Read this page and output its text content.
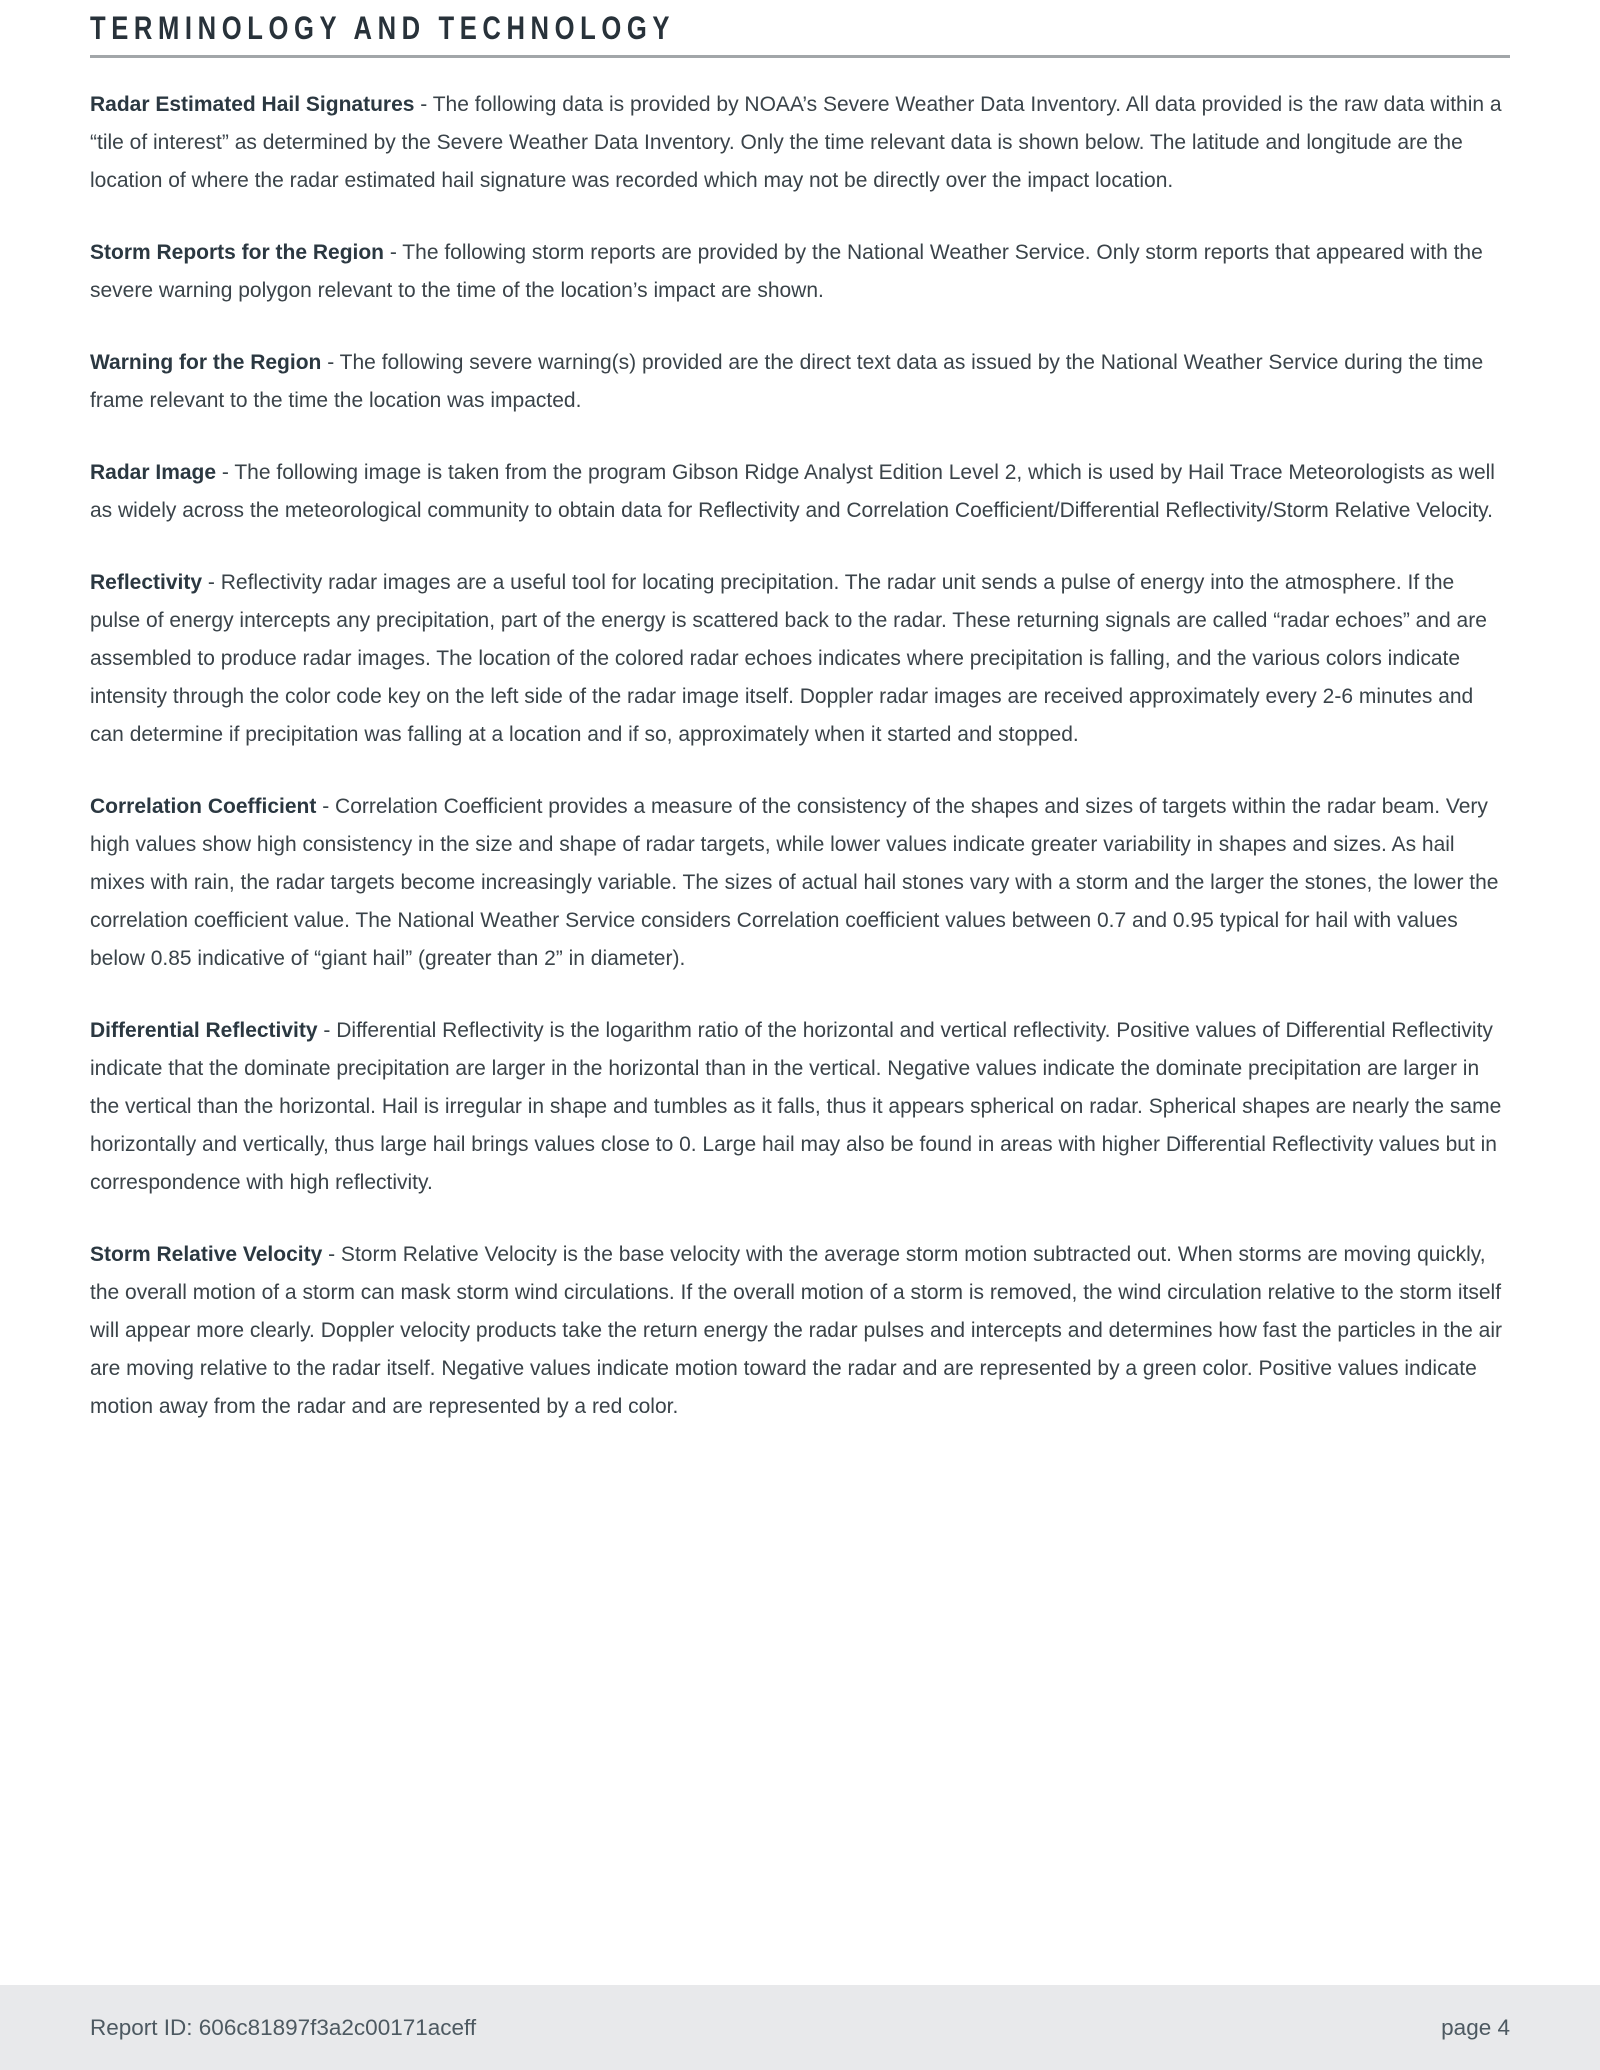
TERMINOLOGY AND TECHNOLOGY

Radar Estimated Hail Signatures - The following data is provided by NOAA’s Severe Weather Data Inventory. All data provided is the raw data within a “tile of interest” as determined by the Severe Weather Data Inventory. Only the time relevant data is shown below. The latitude and longitude are the location of where the radar estimated hail signature was recorded which may not be directly over the impact location.

Storm Reports for the Region - The following storm reports are provided by the National Weather Service. Only storm reports that appeared with the severe warning polygon relevant to the time of the location’s impact are shown.

Warning for the Region - The following severe warning(s) provided are the direct text data as issued by the National Weather Service during the time frame relevant to the time the location was impacted.

Radar Image - The following image is taken from the program Gibson Ridge Analyst Edition Level 2, which is used by Hail Trace Meteorologists as well as widely across the meteorological community to obtain data for Reflectivity and Correlation Coefficient/Differential Reflectivity/Storm Relative Velocity.

Reflectivity - Reflectivity radar images are a useful tool for locating precipitation. The radar unit sends a pulse of energy into the atmosphere. If the pulse of energy intercepts any precipitation, part of the energy is scattered back to the radar. These returning signals are called “radar echoes” and are assembled to produce radar images. The location of the colored radar echoes indicates where precipitation is falling, and the various colors indicate intensity through the color code key on the left side of the radar image itself. Doppler radar images are received approximately every 2-6 minutes and can determine if precipitation was falling at a location and if so, approximately when it started and stopped.

Correlation Coefficient - Correlation Coefficient provides a measure of the consistency of the shapes and sizes of targets within the radar beam. Very high values show high consistency in the size and shape of radar targets, while lower values indicate greater variability in shapes and sizes. As hail mixes with rain, the radar targets become increasingly variable. The sizes of actual hail stones vary with a storm and the larger the stones, the lower the correlation coefficient value. The National Weather Service considers Correlation coefficient values between 0.7 and 0.95 typical for hail with values below 0.85 indicative of “giant hail” (greater than 2” in diameter).

Differential Reflectivity - Differential Reflectivity is the logarithm ratio of the horizontal and vertical reflectivity. Positive values of Differential Reflectivity indicate that the dominate precipitation are larger in the horizontal than in the vertical. Negative values indicate the dominate precipitation are larger in the vertical than the horizontal. Hail is irregular in shape and tumbles as it falls, thus it appears spherical on radar. Spherical shapes are nearly the same horizontally and vertically, thus large hail brings values close to 0. Large hail may also be found in areas with higher Differential Reflectivity values but in correspondence with high reflectivity.

Storm Relative Velocity - Storm Relative Velocity is the base velocity with the average storm motion subtracted out. When storms are moving quickly, the overall motion of a storm can mask storm wind circulations. If the overall motion of a storm is removed, the wind circulation relative to the storm itself will appear more clearly. Doppler velocity products take the return energy the radar pulses and intercepts and determines how fast the particles in the air are moving relative to the radar itself. Negative values indicate motion toward the radar and are represented by a green color. Positive values indicate motion away from the radar and are represented by a red color.

Report ID: 606c81897f3a2c00171aceff	page 4
